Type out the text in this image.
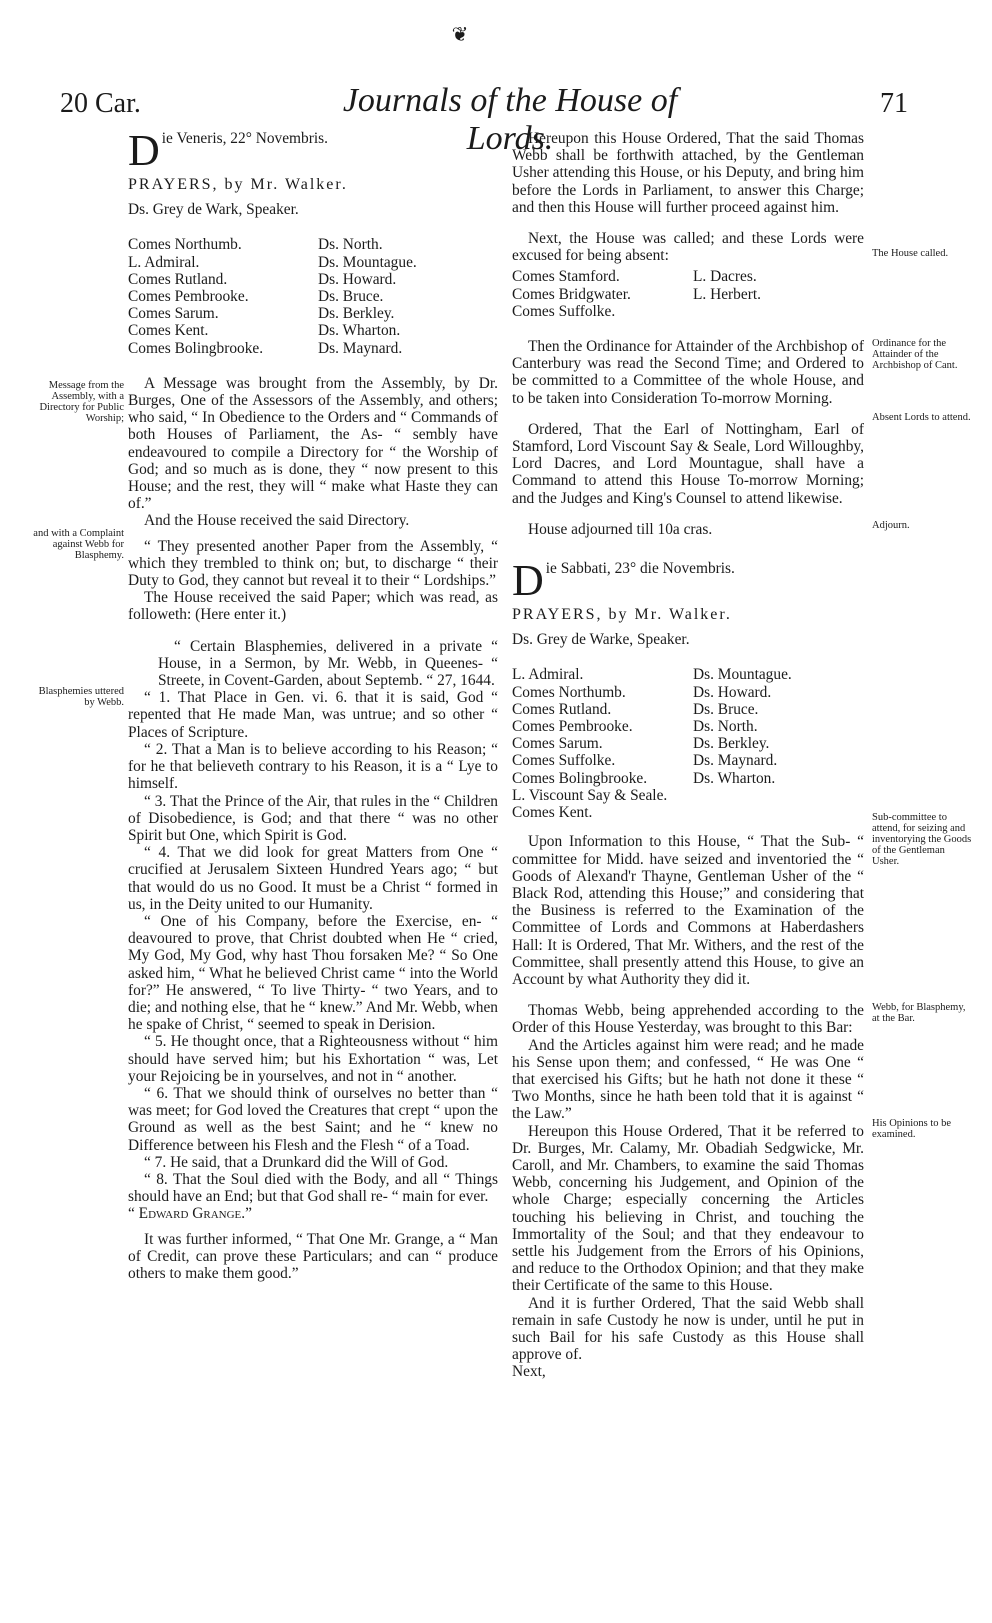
❦
20 Car.	Journals of the House of Lords.
71
Message from the Assembly, with a Directory for Public Worship;
and with a Complaint against Webb for Blasphemy.
Blasphemies uttered by Webb.
The House called.
Ordinance for the Attainder of the Archbishop of Cant.
Absent Lords to attend.
Adjourn.
Sub-committee to attend, for seizing and inventorying the Goods of the Gentleman Usher.
Webb, for Blasphemy, at the Bar.
His Opinions to be examined.

Die Veneris, 22° Novembris.

PRAYERS, by Mr. Walker.

Ds. Grey de Wark, Speaker.

Comes Northumb.
L. Admiral.
Comes Rutland.
Comes Pembrooke.
Comes Sarum.
Comes Kent.
Comes Bolingbrooke.
Ds. North.
Ds. Mountague.
Ds. Howard.
Ds. Bruce.
Ds. Berkley.
Ds. Wharton.
Ds. Maynard.

A Message was brought from the Assembly, by Dr. Burges, One of the Assessors of the Assembly, and others; who said, “ In Obedience to the Orders and “ Commands of both Houses of Parliament, the As- “ sembly have endeavoured to compile a Directory for “ the Worship of God; and so much as is done, they “ now present to this House; and the rest, they will “ make what Haste they can of.”

And the House received the said Directory.

“ They presented another Paper from the Assembly, “ which they trembled to think on; but, to discharge “ their Duty to God, they cannot but reveal it to their “ Lordships.”

The House received the said Paper; which was read, as followeth: (Here enter it.)

“ Certain Blasphemies, delivered in a private “ House, in a Sermon, by Mr. Webb, in Queenes- “ Streete, in Covent-Garden, about Septemb. “ 27, 1644.

“ 1. That Place in Gen. vi. 6. that it is said, God “ repented that He made Man, was untrue; and so other “ Places of Scripture.

“ 2. That a Man is to believe according to his Reason; “ for he that believeth contrary to his Reason, it is a “ Lye to himself.

“ 3. That the Prince of the Air, that rules in the “ Children of Disobedience, is God; and that there “ was no other Spirit but One, which Spirit is God.

“ 4. That we did look for great Matters from One “ crucified at Jerusalem Sixteen Hundred Years ago; “ but that would do us no Good. It must be a Christ “ formed in us, in the Deity united to our Humanity.

“ One of his Company, before the Exercise, en- “ deavoured to prove, that Christ doubted when He “ cried, My God, My God, why hast Thou forsaken Me? “ So One asked him, “ What he believed Christ came “ into the World for?” He answered, “ To live Thirty- “ two Years, and to die; and nothing else, that he “ knew.” And Mr. Webb, when he spake of Christ, “ seemed to speak in Derision.

“ 5. He thought once, that a Righteousness without “ him should have served him; but his Exhortation “ was, Let your Rejoicing be in yourselves, and not in “ another.

“ 6. That we should think of ourselves no better than “ was meet; for God loved the Creatures that crept “ upon the Ground as well as the best Saint; and he “ knew no Difference between his Flesh and the Flesh “ of a Toad.

“ 7. He said, that a Drunkard did the Will of God.

“ 8. That the Soul died with the Body, and all “ Things should have an End; but that God shall re- “ main for ever.

“ Edward Grange.”

It was further informed, “ That One Mr. Grange, a “ Man of Credit, can prove these Particulars; and can “ produce others to make them good.”

Hereupon this House Ordered, That the said Thomas Webb shall be forthwith attached, by the Gentleman Usher attending this House, or his Deputy, and bring him before the Lords in Parliament, to answer this Charge; and then this House will further proceed against him.

Next, the House was called; and these Lords were excused for being absent:

Comes Stamford.
Comes Bridgwater.
Comes Suffolke.
L. Dacres.
L. Herbert.

Then the Ordinance for Attainder of the Archbishop of Canterbury was read the Second Time; and Ordered to be committed to a Committee of the whole House, and to be taken into Consideration To-morrow Morning.

Ordered, That the Earl of Nottingham, Earl of Stamford, Lord Viscount Say & Seale, Lord Willoughby, Lord Dacres, and Lord Mountague, shall have a Command to attend this House To-morrow Morning; and the Judges and King's Counsel to attend likewise.

House adjourned till 10a cras.

Die Sabbati, 23° die Novembris.

PRAYERS, by Mr. Walker.

Ds. Grey de Warke, Speaker.

L. Admiral.
Comes Northumb.
Comes Rutland.
Comes Pembrooke.
Comes Sarum.
Comes Suffolke.
Comes Bolingbrooke.
L. Viscount Say & Seale.
Comes Kent.
Ds. Mountague.
Ds. Howard.
Ds. Bruce.
Ds. North.
Ds. Berkley.
Ds. Maynard.
Ds. Wharton.

Upon Information to this House, “ That the Sub- “ committee for Midd. have seized and inventoried the “ Goods of Alexand'r Thayne, Gentleman Usher of the “ Black Rod, attending this House;” and considering that the Business is referred to the Examination of the Committee of Lords and Commons at Haberdashers Hall: It is Ordered, That Mr. Withers, and the rest of the Committee, shall presently attend this House, to give an Account by what Authority they did it.

Thomas Webb, being apprehended according to the Order of this House Yesterday, was brought to this Bar:

And the Articles against him were read; and he made his Sense upon them; and confessed, “ He was One “ that exercised his Gifts; but he hath not done it these “ Two Months, since he hath been told that it is against “ the Law.”

Hereupon this House Ordered, That it be referred to Dr. Burges, Mr. Calamy, Mr. Obadiah Sedgwicke, Mr. Caroll, and Mr. Chambers, to examine the said Thomas Webb, concerning his Judgement, and Opinion of the whole Charge; especially concerning the Articles touching his believing in Christ, and touching the Immortality of the Soul; and that they endeavour to settle his Judgement from the Errors of his Opinions, and reduce to the Orthodox Opinion; and that they make their Certificate of the same to this House.

And it is further Ordered, That the said Webb shall remain in safe Custody he now is under, until he put in such Bail for his safe Custody as this House shall approve of.

Next,
